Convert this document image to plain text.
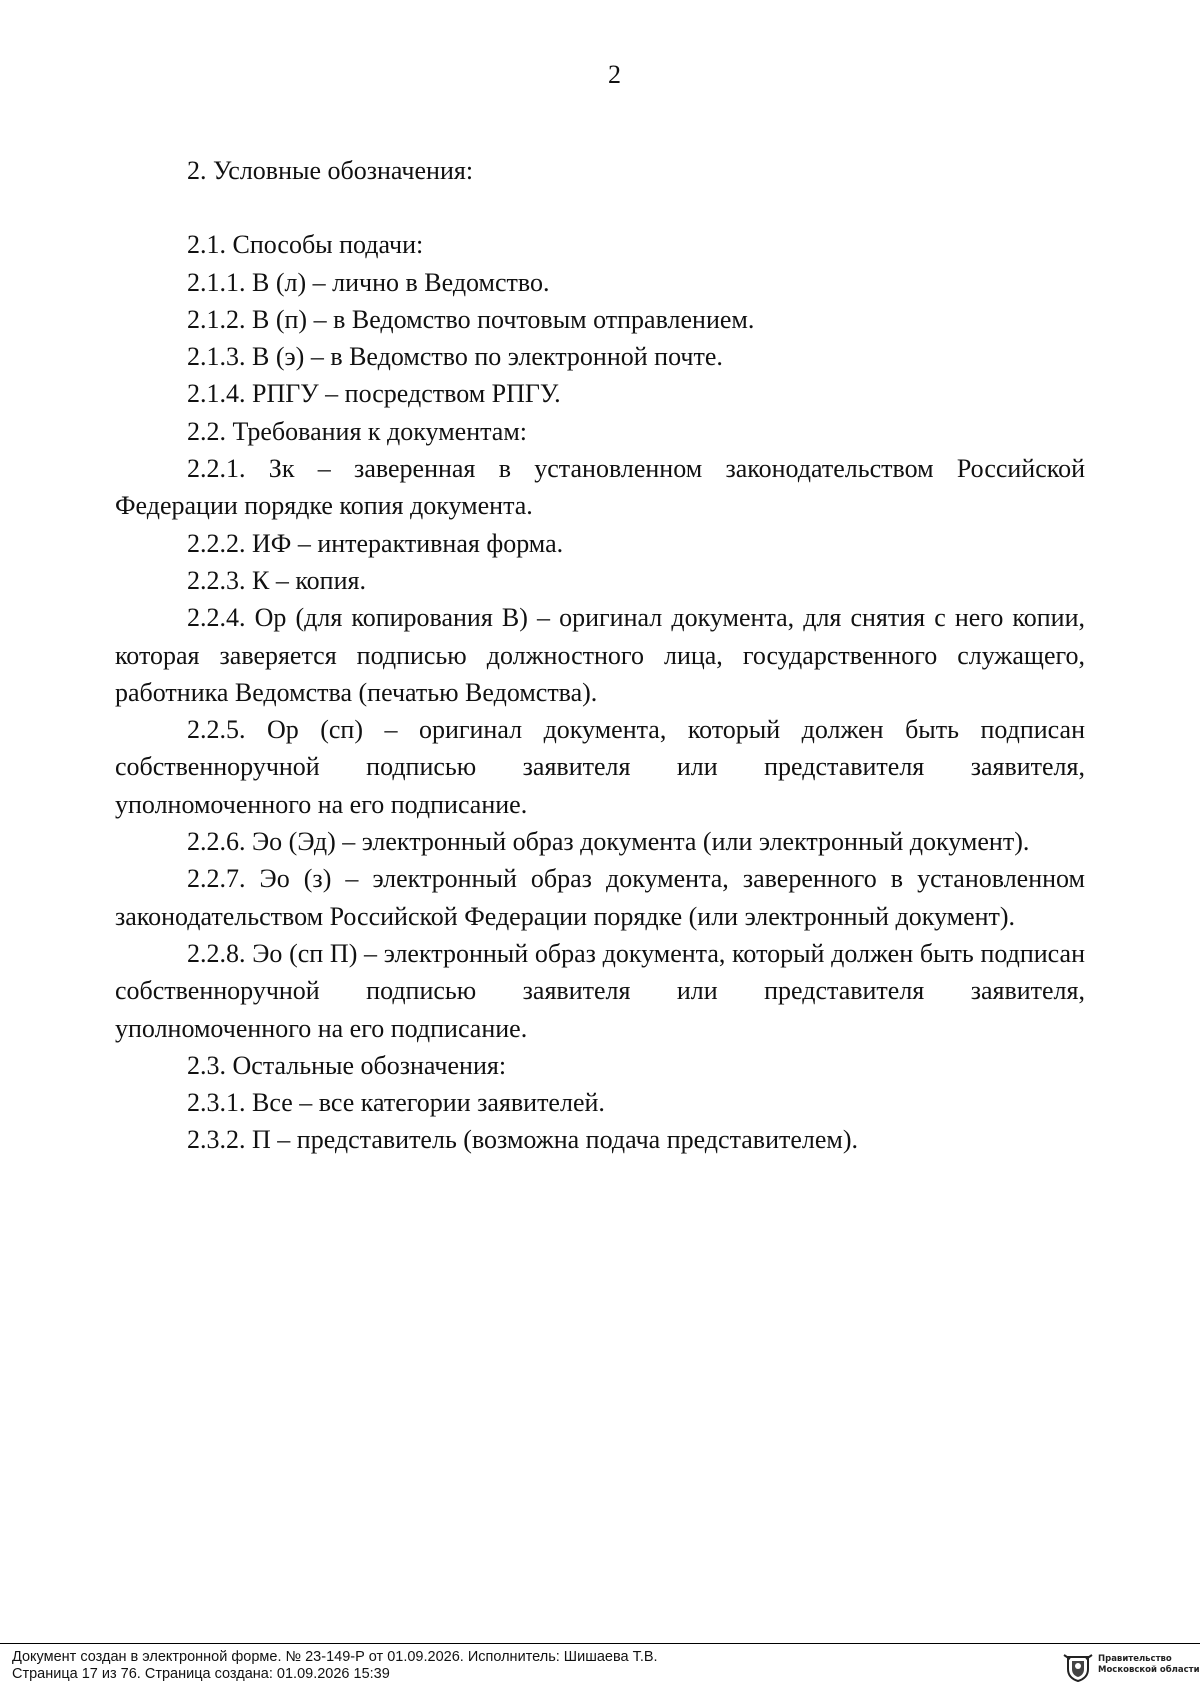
2

2. Условные обозначения:

2.1. Способы подачи:

2.1.1. В (л) – лично в Ведомство.

2.1.2. В (п) – в Ведомство почтовым отправлением.

2.1.3. В (э) – в Ведомство по электронной почте.

2.1.4. РПГУ – посредством РПГУ.

2.2. Требования к документам:

2.2.1. Зк – заверенная в установленном законодательством Российской Федерации порядке копия документа.

2.2.2. ИФ – интерактивная форма.

2.2.3. К – копия.

2.2.4. Ор (для копирования В) – оригинал документа, для снятия с него копии, которая заверяется подписью должностного лица, государственного служащего, работника Ведомства (печатью Ведомства).

2.2.5. Ор (сп) – оригинал документа, который должен быть подписан собственноручной подписью заявителя или представителя заявителя, уполномоченного на его подписание.

2.2.6. Эо (Эд) – электронный образ документа (или электронный документ).

2.2.7. Эо (з) – электронный образ документа, заверенного в установленном законодательством Российской Федерации порядке (или электронный документ).

2.2.8. Эо (сп П) – электронный образ документа, который должен быть подписан собственноручной подписью заявителя или представителя заявителя, уполномоченного на его подписание.

2.3. Остальные обозначения:

2.3.1. Все – все категории заявителей.

2.3.2. П – представитель (возможна подача представителем).

Документ создан в электронной форме. № 23-149-Р от 01.09.2026. Исполнитель: Шишаева Т.В.
Страница 17 из 76. Страница создана: 01.09.2026 15:39
Правительство
Московской области
